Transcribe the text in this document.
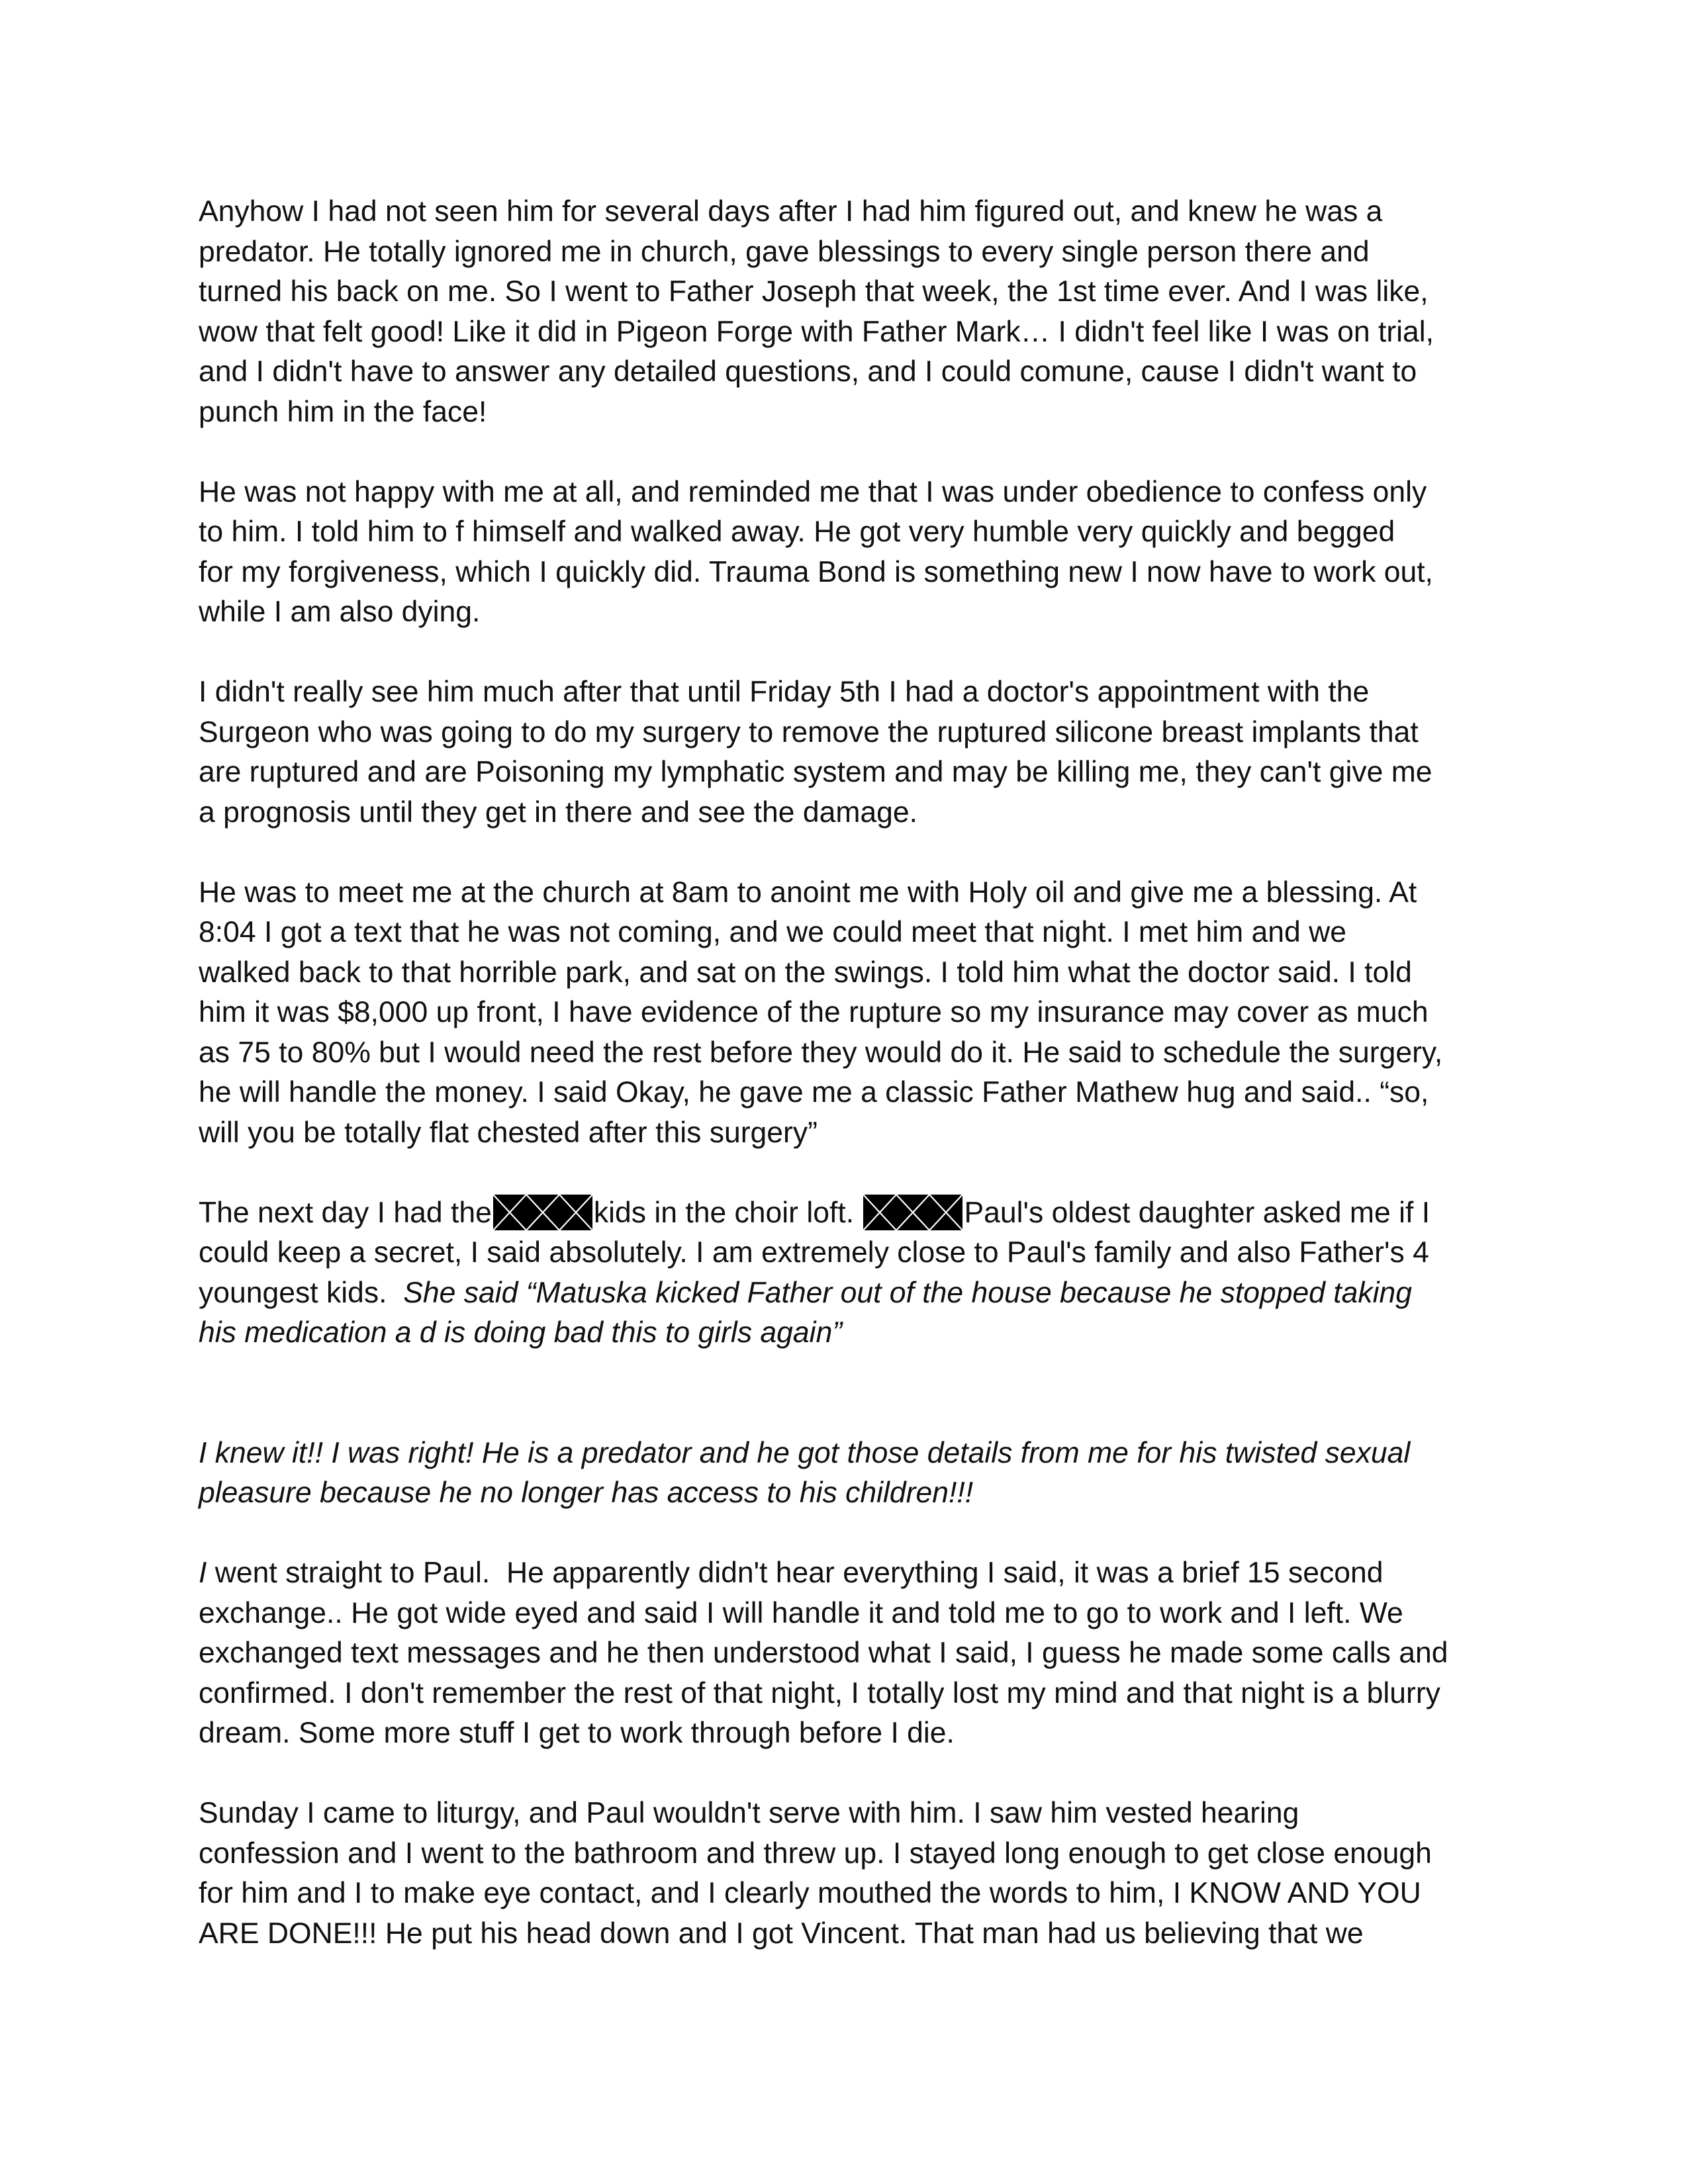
Anyhow I had not seen him for several days after I had him figured out, and knew he was a
predator. He totally ignored me in church, gave blessings to every single person there and
turned his back on me. So I went to Father Joseph that week, the 1st time ever. And I was like,
wow that felt good! Like it did in Pigeon Forge with Father Mark… I didn't feel like I was on trial,
and I didn't have to answer any detailed questions, and I could comune, cause I didn't want to
punch him in the face!

He was not happy with me at all, and reminded me that I was under obedience to confess only
to him. I told him to f himself and walked away. He got very humble very quickly and begged
for my forgiveness, which I quickly did. Trauma Bond is something new I now have to work out,
while I am also dying.

I didn't really see him much after that until Friday 5th I had a doctor's appointment with the
Surgeon who was going to do my surgery to remove the ruptured silicone breast implants that
are ruptured and are Poisoning my lymphatic system and may be killing me, they can't give me
a prognosis until they get in there and see the damage.

He was to meet me at the church at 8am to anoint me with Holy oil and give me a blessing. At
8:04 I got a text that he was not coming, and we could meet that night. I met him and we
walked back to that horrible park, and sat on the swings. I told him what the doctor said. I told
him it was $8,000 up front, I have evidence of the rupture so my insurance may cover as much
as 75 to 80% but I would need the rest before they would do it. He said to schedule the surgery,
he will handle the money. I said Okay, he gave me a classic Father Mathew hug and said.. “so,
will you be totally flat chested after this surgery”

The next day I had the	kids in the choir loft.	Paul's oldest daughter asked me if I
could keep a secret, I said absolutely. I am extremely close to Paul's family and also Father's 4
youngest kids.  She said “Matuska kicked Father out of the house because he stopped taking
his medication a d is doing bad this to girls again”

I knew it!! I was right! He is a predator and he got those details from me for his twisted sexual
pleasure because he no longer has access to his children!!!

I went straight to Paul.  He apparently didn't hear everything I said, it was a brief 15 second
exchange.. He got wide eyed and said I will handle it and told me to go to work and I left. We
exchanged text messages and he then understood what I said, I guess he made some calls and
confirmed. I don't remember the rest of that night, I totally lost my mind and that night is a blurry
dream. Some more stuff I get to work through before I die.

Sunday I came to liturgy, and Paul wouldn't serve with him. I saw him vested hearing
confession and I went to the bathroom and threw up. I stayed long enough to get close enough
for him and I to make eye contact, and I clearly mouthed the words to him, I KNOW AND YOU
ARE DONE!!! He put his head down and I got Vincent. That man had us believing that we
